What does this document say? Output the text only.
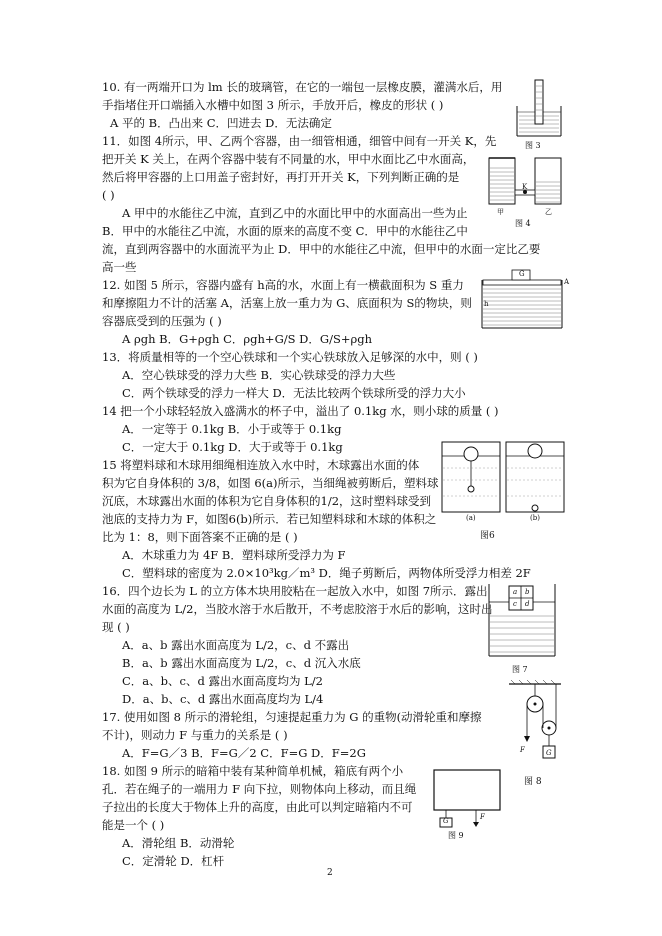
10. 有一两端开口为 lm 长的玻璃管，在它的一端包一层橡皮膜，灌满水后，用
手指堵住开口端插入水槽中如图 3 所示，手放开后，橡皮的形状 ( )
A 平的 B．凸出来 C．凹进去 D．无法确定
11．如图 4所示，甲、乙两个容器，由一细管相通，细管中间有一开关 K，先
把开关 K 关上，在两个容器中装有不同量的水，甲中水面比乙中水面高，
然后将甲容器的上口用盖子密封好，再打开开关 K，下列判断正确的是
( )
A 甲中的水能往乙中流，直到乙中的水面比甲中的水面高出一些为止
B．甲中的水能往乙中流，水面的原来的高度不变 C．甲中的水能往乙中
流，直到两容器中的水面流平为止 D．甲中的水能往乙中流，但甲中的水面一定比乙要
高一些
12. 如图 5 所示，容器内盛有 h高的水，水面上有一横截面积为 S 重力
和摩擦阻力不计的活塞 A，活塞上放一重力为 G、底面积为 S的物块，则
容器底受到的压强为 ( )
A ρgh B．G+ρgh C．ρgh+G/S D．G/S+ρgh
13．将质量相等的一个空心铁球和一个实心铁球放入足够深的水中，则 ( )
A．空心铁球受的浮力大些 B．实心铁球受的浮力大些
C．两个铁球受的浮力一样大 D．无法比较两个铁球所受的浮力大小
14 把一个小球轻轻放入盛满水的杯子中，溢出了 0.1kg 水，则小球的质量 ( )
A．一定等于 0.1kg B．小于或等于 0.1kg
C．一定大于 0.1kg D．大于或等于 0.1kg
15 将塑料球和木球用细绳相连放入水中时，木球露出水面的体
积为它自身体积的 3/8，如图 6(a)所示，当细绳被剪断后，塑料球
沉底，木球露出水面的体积为它自身体积的1/2，这时塑料球受到
池底的支持力为 F，如图6(b)所示．若已知塑料球和木球的体积之
比为 1：8，则下面答案不正确的是 ( )
A．木球重力为 4F B．塑料球所受浮力为 F
C．塑料球的密度为 2.0×10³kg／m³ D．绳子剪断后，两物体所受浮力相差 2F
16．四个边长为 L 的立方体木块用胶粘在一起放入水中，如图 7所示．露出
水面的高度为 L/2，当胶水溶于水后散开，不考虑胶溶于水后的影响，这时出
现 ( )
A．a、b 露出水面高度为 L/2，c、d 不露出
B．a、b 露出水面高度为 L/2，c、d 沉入水底
C．a、b、c、d 露出水面高度均为 L/2
D．a、b、c、d 露出水面高度均为 L/4
17. 使用如图 8 所示的滑轮组，匀速提起重力为 G 的重物(动滑轮重和摩擦
不计)，则动力 F 与重力的关系是 ( )
A．F=G／3 B．F=G／2 C．F=G D．F=2G
18. 如图 9 所示的暗箱中装有某种简单机械，箱底有两个小
孔．若在绳子的一端用力 F 向下拉，则物体向上移动，而且绳
子拉出的长度大于物体上升的高度，由此可以判定暗箱内不可
能是一个 ( )
A．滑轮组 B．动滑轮
C．定滑轮 D．杠杆
图 3
K
甲	乙
图 4
G
A
h
(a)	(b)
图6
a b
c d
图 7
F	G
图 8
G	F
图 9
2
